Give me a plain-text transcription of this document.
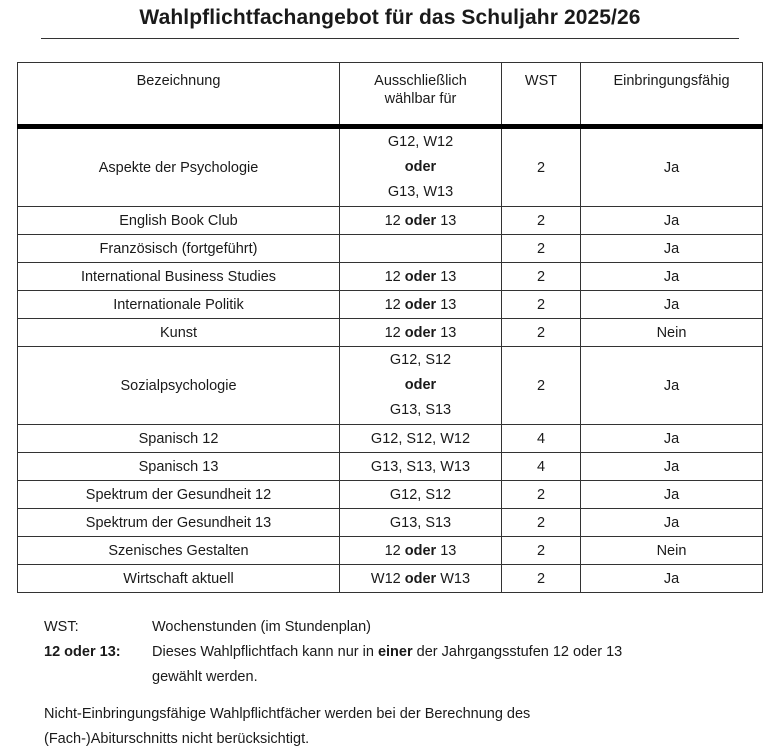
Wahlpflichtfachangebot für das Schuljahr 2025/26
Bezeichnung	Ausschließlich
wählbar für	WST	Einbringungsfähig
Aspekte der Psychologie	G12, W12
oder
G13, W13	2	Ja
English Book Club	12 oder 13	2	Ja
Französisch (fortgeführt)		2	Ja
International Business Studies	12 oder 13	2	Ja
Internationale Politik	12 oder 13	2	Ja
Kunst	12 oder 13	2	Nein
Sozialpsychologie	G12, S12
oder
G13, S13	2	Ja
Spanisch 12	G12, S12, W12	4	Ja
Spanisch 13	G13, S13, W13	4	Ja
Spektrum der Gesundheit 12	G12, S12	2	Ja
Spektrum der Gesundheit 13	G13, S13	2	Ja
Szenisches Gestalten	12 oder 13	2	Nein
Wirtschaft aktuell	W12 oder W13	2	Ja
WST:	Wochenstunden (im Stundenplan)
12 oder 13: Dieses Wahlpflichtfach kann nur in einer der Jahrgangsstufen 12 oder 13
gewählt werden.
Nicht-Einbringungsfähige Wahlpflichtfächer werden bei der Berechnung des
(Fach-)Abiturschnitts nicht berücksichtigt.
